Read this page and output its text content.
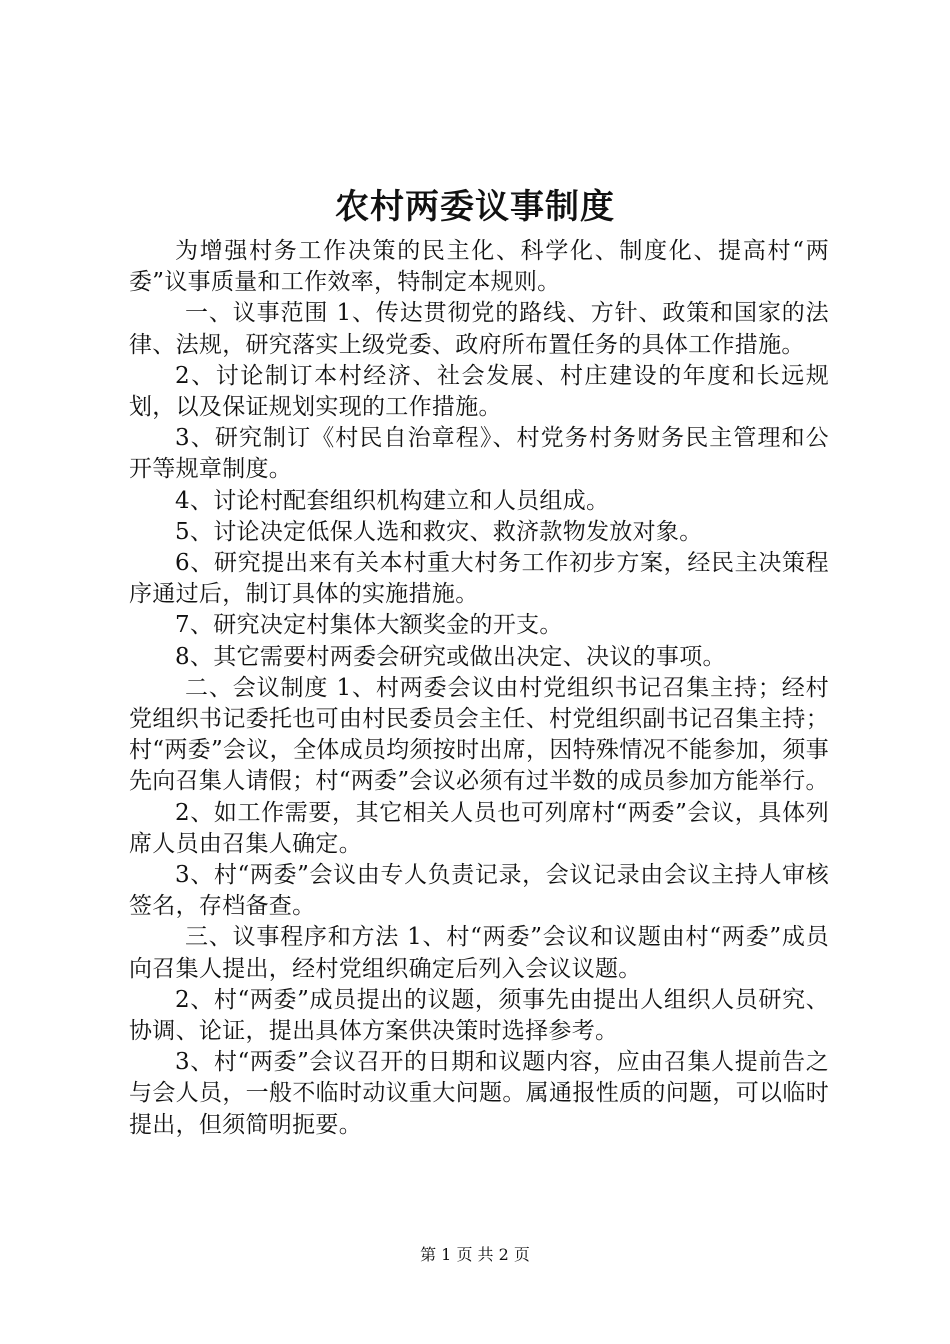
农村两委议事制度

为增强村务工作决策的民主化、科学化、制度化、提高村“两委”议事质量和工作效率，特制定本规则。

一、议事范围 1、传达贯彻党的路线、方针、政策和国家的法律、法规，研究落实上级党委、政府所布置任务的具体工作措施。

2、讨论制订本村经济、社会发展、村庄建设的年度和长远规划，以及保证规划实现的工作措施。

3、研究制订《村民自治章程》、村党务村务财务民主管理和公开等规章制度。

4、讨论村配套组织机构建立和人员组成。

5、讨论决定低保人选和救灾、救济款物发放对象。

6、研究提出来有关本村重大村务工作初步方案，经民主决策程序通过后，制订具体的实施措施。

7、研究决定村集体大额奖金的开支。

8、其它需要村两委会研究或做出决定、决议的事项。

二、会议制度 1、村两委会议由村党组织书记召集主持；经村党组织书记委托也可由村民委员会主任、村党组织副书记召集主持；村“两委”会议，全体成员均须按时出席，因特殊情况不能参加，须事先向召集人请假；村“两委”会议必须有过半数的成员参加方能举行。

2、如工作需要，其它相关人员也可列席村“两委”会议，具体列席人员由召集人确定。

3、村“两委”会议由专人负责记录，会议记录由会议主持人审核签名，存档备查。

三、议事程序和方法 1、村“两委”会议和议题由村“两委”成员向召集人提出，经村党组织确定后列入会议议题。

2、村“两委”成员提出的议题，须事先由提出人组织人员研究、协调、论证，提出具体方案供决策时选择参考。

3、村“两委”会议召开的日期和议题内容，应由召集人提前告之与会人员，一般不临时动议重大问题。属通报性质的问题，可以临时提出，但须简明扼要。

第 1 页 共 2 页
